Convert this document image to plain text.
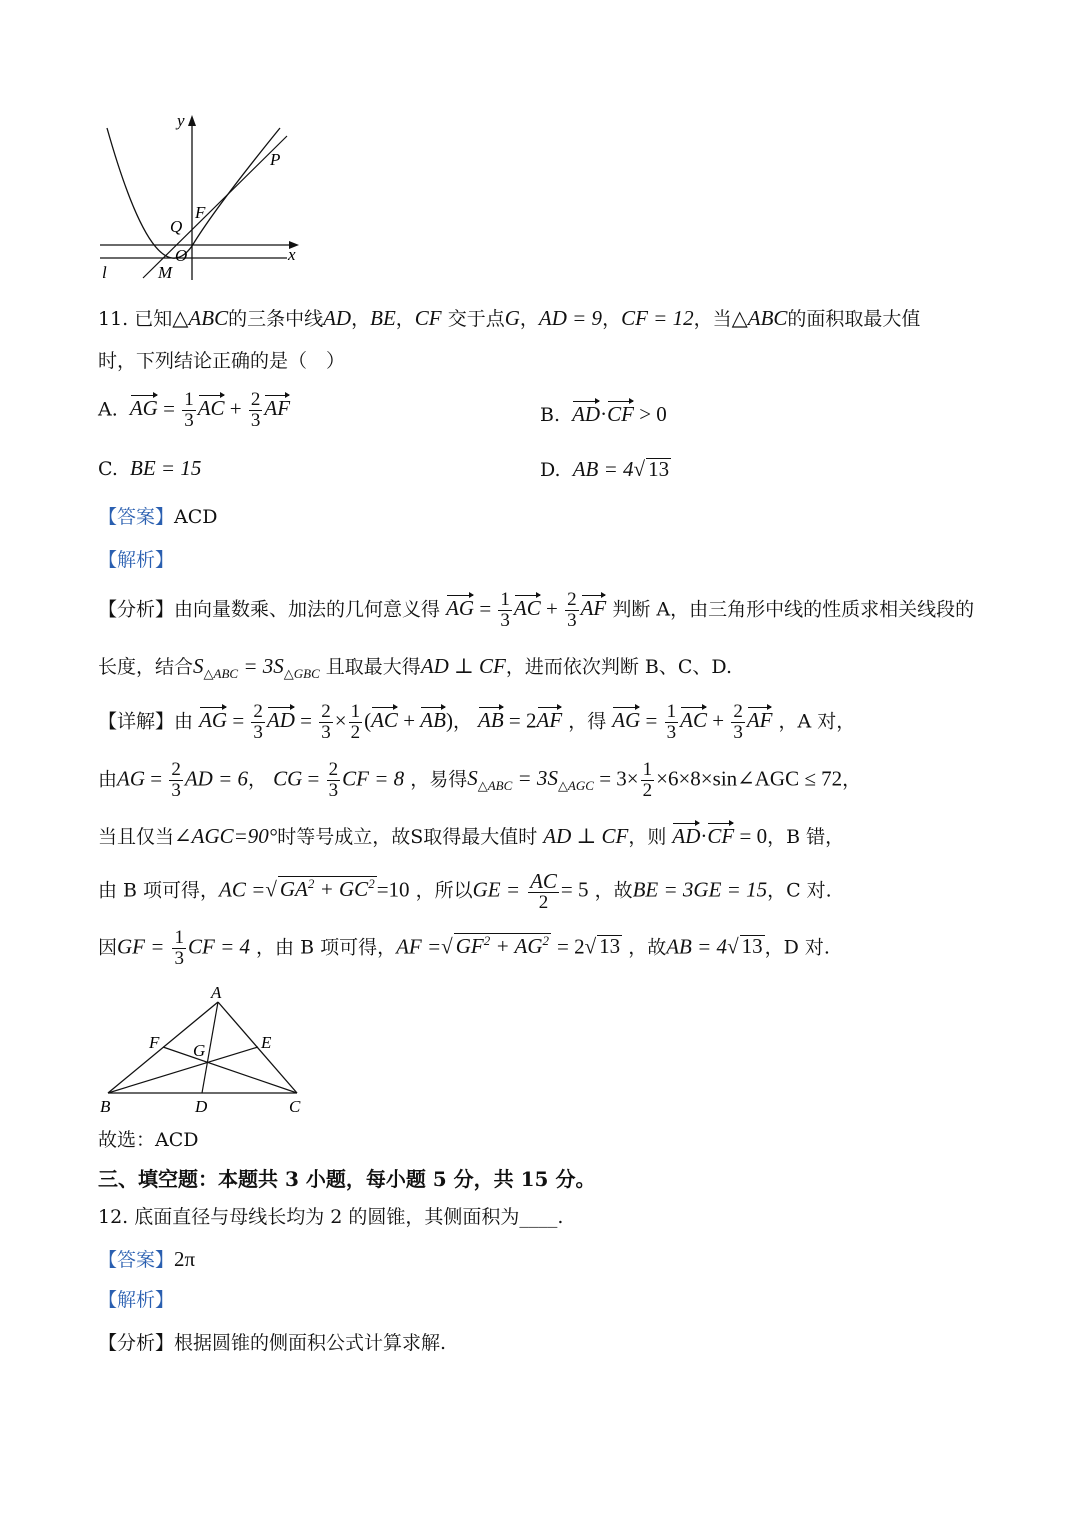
y
x
P
F
Q
O
l	M
11. 已知△ABC的三条中线AD，BE，CF 交于点G，AD = 9，CF = 12，当△ABC的面积取最大值
时，下列结论正确的是（　）
A. AG = $\frac{1}{3}$ AC + $\frac{2}{3}$ AF	B. AD·CF > 0
C. BE = 15	D. AB = 4√ 13
【答案】ACD
【解析】
【分析】由向量数乘、加法的几何意义得 AG = $\frac{1}{3}$ AC + $\frac{2}{3}$ AF 判断 A，由三角形中线的性质求相关线段的
长度，结合$S_{\triangle ABC} = 3S_{\triangle GBC}$ 且取最大得AD ⊥ CF，进而依次判断 B、C、D.
【详解】由 AG = $\frac{2}{3}$ AD = $\frac{2}{3} \times \frac{1}{2} (AC + AB)$， AB = 2AF ，得 AG = $\frac{1}{3}$ AC + $\frac{2}{3}$ AF ，A 对，
由AG = $\frac{2}{3}$ AD = 6， CG = $\frac{2}{3}$ CF = 8 ，易得$S_{\triangle ABC} = 3S_{\triangle AGC} = 3\times \frac{1}{2}$ ×6×8×sin∠AGC ≤ 72，
当且仅当∠AGC=90°时等号成立，故S取得最大值时 AD ⊥ CF，则 AD·CF = 0，B 错，
由 B 项可得，AC =√ $GA^2 + GC^2=10$ ，所以GE = $\frac{AC}{2} = 5$ ，故BE = 3GE = 15，C 对.
因GF = $\frac{1}{3}$ CF = 4 ，由 B 项可得，AF =√ $GF^2 + AG^2 = 2√$ 13 ，故AB = 4√ 13 ，D 对.
A
B	C
D
E
F G
故选：ACD
三、填空题：本题共 3 小题，每小题 5 分，共 15 分。
12. 底面直径与母线长均为 2 的圆锥，其侧面积为____.
【答案】2π
【解析】
【分析】根据圆锥的侧面积公式计算求解.
